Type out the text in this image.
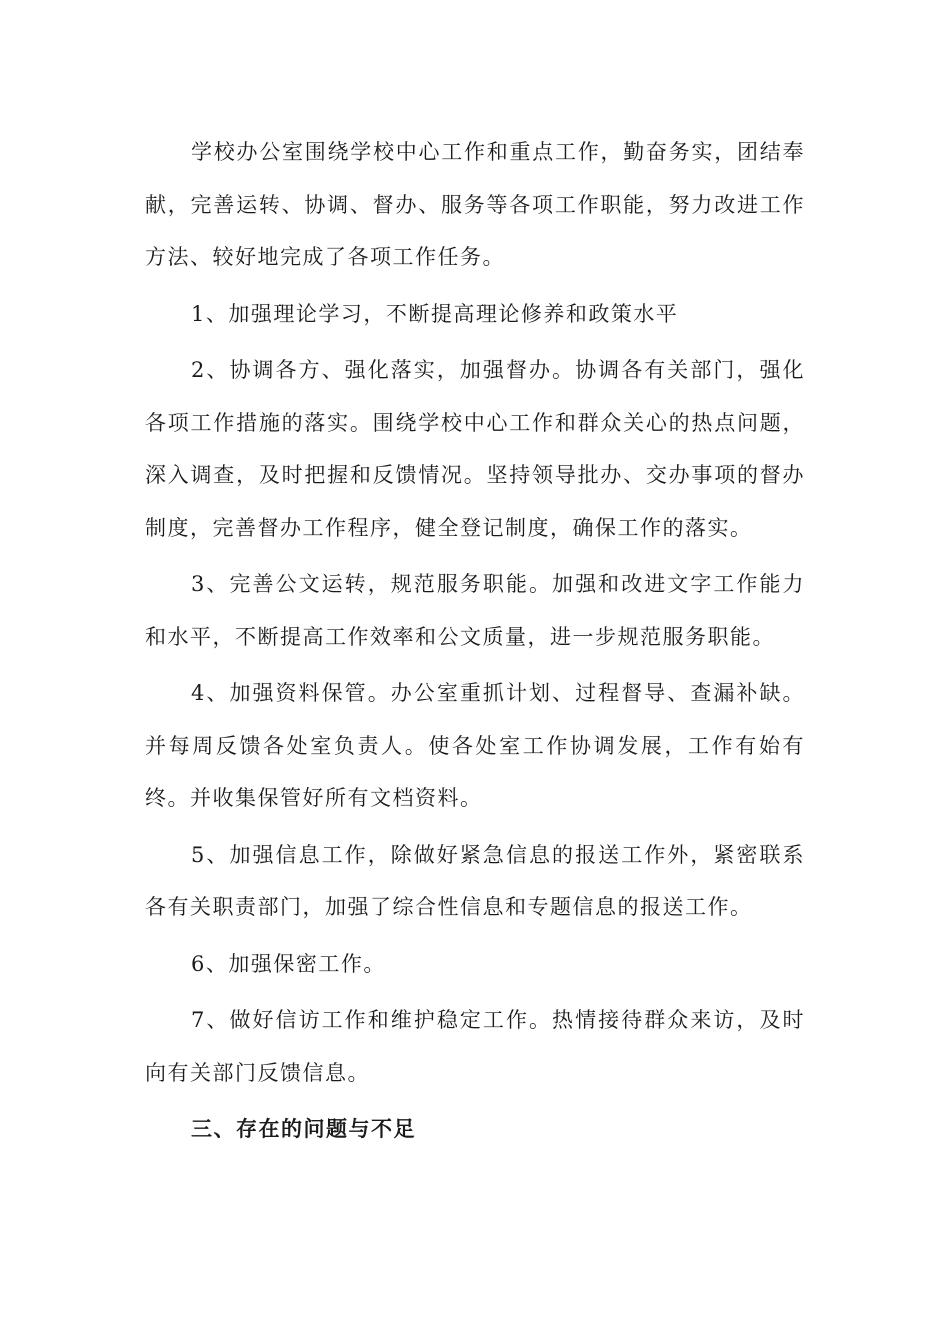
学校办公室围绕学校中心工作和重点工作，勤奋务实，团结奉献，完善运转、协调、督办、服务等各项工作职能，努力改进工作方法、较好地完成了各项工作任务。

1、加强理论学习，不断提高理论修养和政策水平

2、协调各方、强化落实，加强督办。协调各有关部门，强化各项工作措施的落实。围绕学校中心工作和群众关心的热点问题，深入调查，及时把握和反馈情况。坚持领导批办、交办事项的督办制度，完善督办工作程序，健全登记制度，确保工作的落实。

3、完善公文运转，规范服务职能。加强和改进文字工作能力和水平，不断提高工作效率和公文质量，进一步规范服务职能。

4、加强资料保管。办公室重抓计划、过程督导、查漏补缺。并每周反馈各处室负责人。使各处室工作协调发展，工作有始有终。并收集保管好所有文档资料。

5、加强信息工作，除做好紧急信息的报送工作外，紧密联系各有关职责部门，加强了综合性信息和专题信息的报送工作。

6、加强保密工作。

7、做好信访工作和维护稳定工作。热情接待群众来访，及时向有关部门反馈信息。

三、存在的问题与不足
